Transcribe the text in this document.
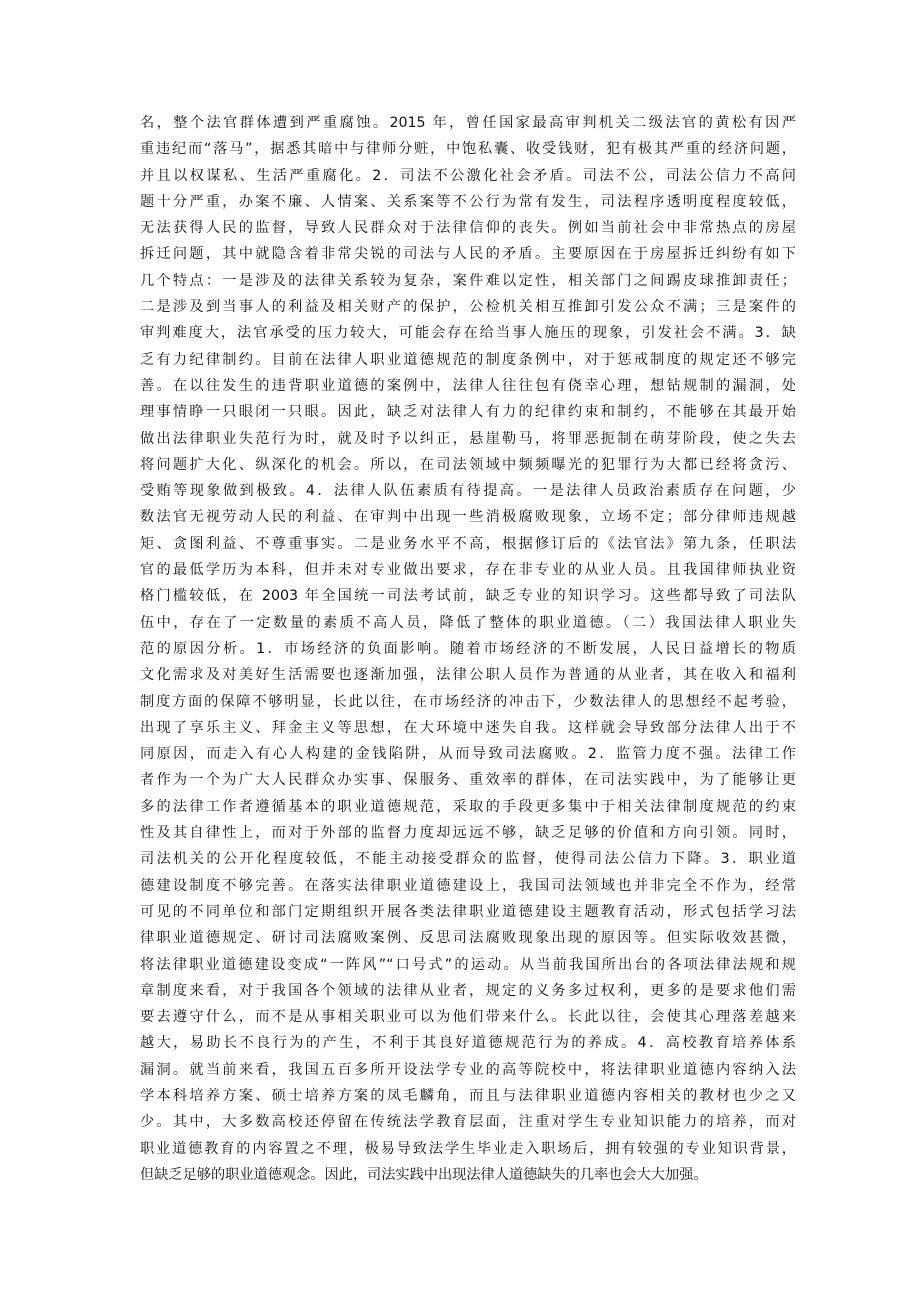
名，整个法官群体遭到严重腐蚀。2015 年，曾任国家最高审判机关二级法官的黄松有因严
重违纪而“落马”，据悉其暗中与律师分赃，中饱私囊、收受钱财，犯有极其严重的经济问题，
并且以权谋私、生活严重腐化。2．司法不公激化社会矛盾。司法不公，司法公信力不高问
题十分严重，办案不廉、人情案、关系案等不公行为常有发生，司法程序透明度程度较低，
无法获得人民的监督，导致人民群众对于法律信仰的丧失。例如当前社会中非常热点的房屋
拆迁问题，其中就隐含着非常尖锐的司法与人民的矛盾。主要原因在于房屋拆迁纠纷有如下
几个特点：一是涉及的法律关系较为复杂，案件难以定性，相关部门之间踢皮球推卸责任；
二是涉及到当事人的利益及相关财产的保护，公检机关相互推卸引发公众不满；三是案件的
审判难度大，法官承受的压力较大，可能会存在给当事人施压的现象，引发社会不满。3．缺
乏有力纪律制约。目前在法律人职业道德规范的制度条例中，对于惩戒制度的规定还不够完
善。在以往发生的违背职业道德的案例中，法律人往往包有侥幸心理，想钻规制的漏洞，处
理事情睁一只眼闭一只眼。因此，缺乏对法律人有力的纪律约束和制约，不能够在其最开始
做出法律职业失范行为时，就及时予以纠正，悬崖勒马，将罪恶扼制在萌芽阶段，使之失去
将问题扩大化、纵深化的机会。所以，在司法领域中频频曝光的犯罪行为大都已经将贪污、
受贿等现象做到极致。4．法律人队伍素质有待提高。一是法律人员政治素质存在问题，少
数法官无视劳动人民的利益、在审判中出现一些消极腐败现象，立场不定；部分律师违规越
矩、贪图利益、不尊重事实。二是业务水平不高，根据修订后的《法官法》第九条，任职法
官的最低学历为本科，但并未对专业做出要求，存在非专业的从业人员。且我国律师执业资
格门槛较低，在 2003 年全国统一司法考试前，缺乏专业的知识学习。这些都导致了司法队
伍中，存在了一定数量的素质不高人员，降低了整体的职业道德。（二）我国法律人职业失
范的原因分析。1．市场经济的负面影响。随着市场经济的不断发展，人民日益增长的物质
文化需求及对美好生活需要也逐渐加强，法律公职人员作为普通的从业者，其在收入和福利
制度方面的保障不够明显，长此以往，在市场经济的冲击下，少数法律人的思想经不起考验，
出现了享乐主义、拜金主义等思想，在大环境中迷失自我。这样就会导致部分法律人出于不
同原因，而走入有心人构建的金钱陷阱，从而导致司法腐败。2．监管力度不强。法律工作
者作为一个为广大人民群众办实事、保服务、重效率的群体，在司法实践中，为了能够让更
多的法律工作者遵循基本的职业道德规范，采取的手段更多集中于相关法律制度规范的约束
性及其自律性上，而对于外部的监督力度却远远不够，缺乏足够的价值和方向引领。同时，
司法机关的公开化程度较低，不能主动接受群众的监督，使得司法公信力下降。3．职业道
德建设制度不够完善。在落实法律职业道德建设上，我国司法领域也并非完全不作为，经常
可见的不同单位和部门定期组织开展各类法律职业道德建设主题教育活动，形式包括学习法
律职业道德规定、研讨司法腐败案例、反思司法腐败现象出现的原因等。但实际收效甚微，
将法律职业道德建设变成“一阵风”“口号式”的运动。从当前我国所出台的各项法律法规和规
章制度来看，对于我国各个领域的法律从业者，规定的义务多过权利，更多的是要求他们需
要去遵守什么，而不是从事相关职业可以为他们带来什么。长此以往，会使其心理落差越来
越大，易助长不良行为的产生，不利于其良好道德规范行为的养成。4．高校教育培养体系
漏洞。就当前来看，我国五百多所开设法学专业的高等院校中，将法律职业道德内容纳入法
学本科培养方案、硕士培养方案的凤毛麟角，而且与法律职业道德内容相关的教材也少之又
少。其中，大多数高校还停留在传统法学教育层面，注重对学生专业知识能力的培养，而对
职业道德教育的内容置之不理，极易导致法学生毕业走入职场后，拥有较强的专业知识背景，
但缺乏足够的职业道德观念。因此，司法实践中出现法律人道德缺失的几率也会大大加强。
